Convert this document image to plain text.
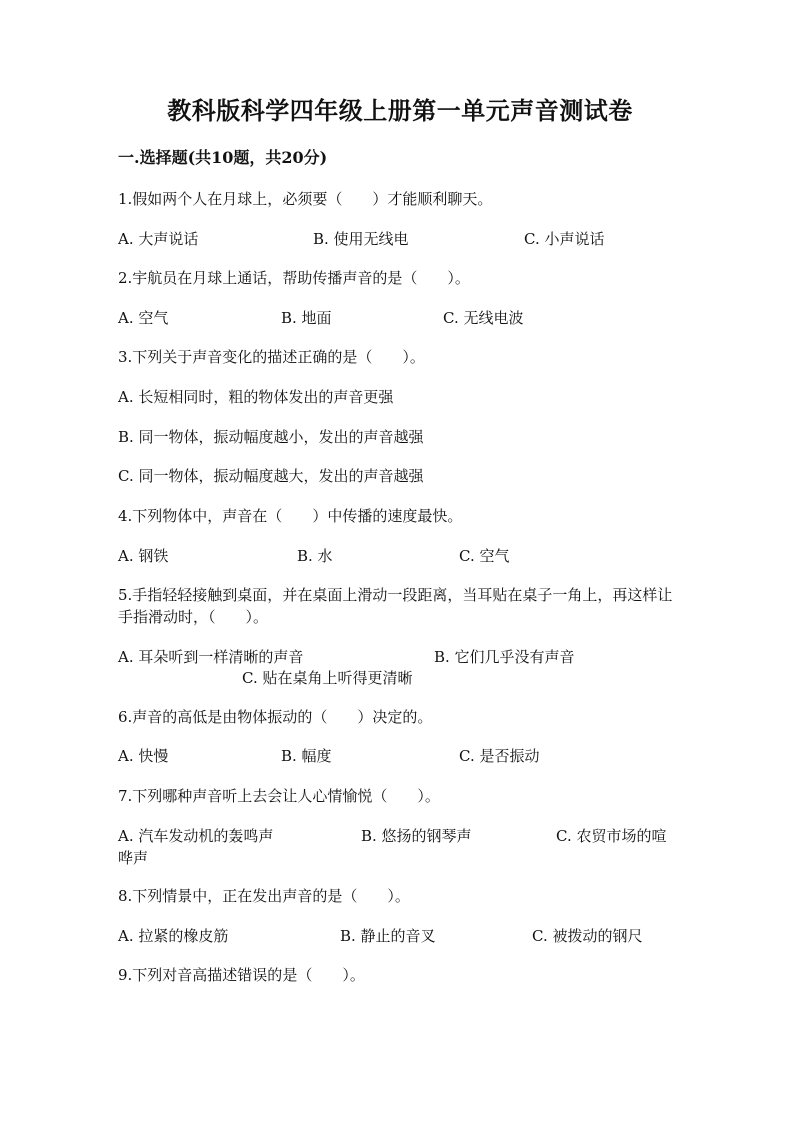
教科版科学四年级上册第一单元声音测试卷
一.选择题(共10题，共20分)
1.假如两个人在月球上，必须要（　　）才能顺利聊天。
A. 大声说话	B. 使用无线电	C. 小声说话
2.宇航员在月球上通话，帮助传播声音的是（　　）。
A. 空气	B. 地面	C. 无线电波
3.下列关于声音变化的描述正确的是（　　）。
A. 长短相同时，粗的物体发出的声音更强
B. 同一物体，振动幅度越小，发出的声音越强
C. 同一物体，振动幅度越大，发出的声音越强
4.下列物体中，声音在（　　）中传播的速度最快。
A. 钢铁	B. 水	C. 空气
5.手指轻轻接触到桌面，并在桌面上滑动一段距离，当耳贴在桌子一角上，再这样让手指滑动时，（　　）。
A. 耳朵听到一样清晰的声音	B. 它们几乎没有声音
C. 贴在桌角上听得更清晰
6.声音的高低是由物体振动的（　　）决定的。
A. 快慢	B. 幅度	C. 是否振动
7.下列哪种声音听上去会让人心情愉悦（　　）。
A. 汽车发动机的轰鸣声	B. 悠扬的钢琴声	C. 农贸市场的喧哗声
8.下列情景中，正在发出声音的是（　　）。
A. 拉紧的橡皮筋	B. 静止的音叉	C. 被拨动的钢尺
9.下列对音高描述错误的是（　　）。
